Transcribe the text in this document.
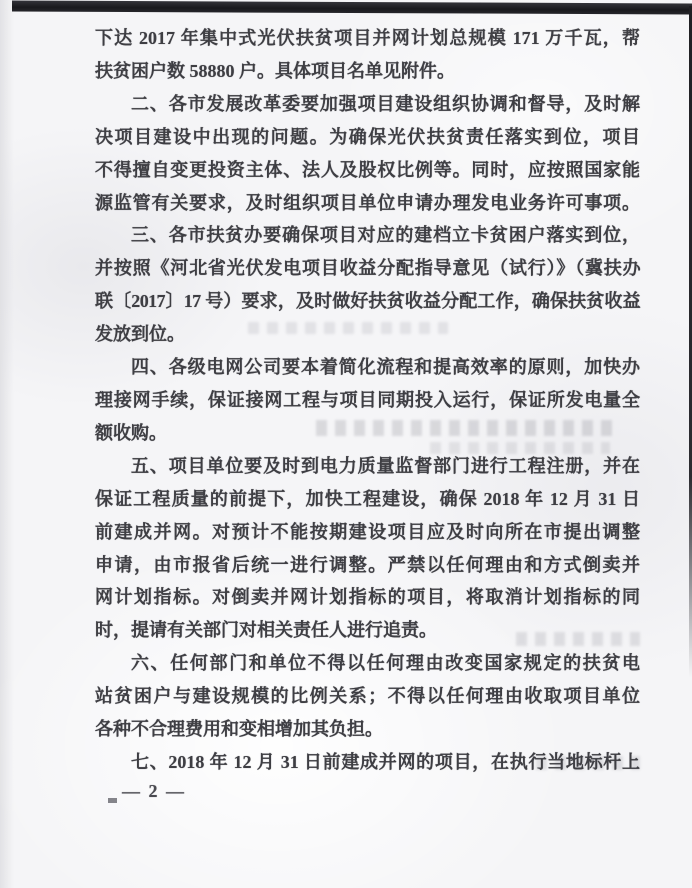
下达 2017 年集中式光伏扶贫项目并网计划总规模 171 万千瓦，帮
扶贫困户数 58880 户。具体项目名单见附件。
二、各市发展改革委要加强项目建设组织协调和督导，及时解
决项目建设中出现的问题。为确保光伏扶贫责任落实到位，项目
不得擅自变更投资主体、法人及股权比例等。同时，应按照国家能
源监管有关要求，及时组织项目单位申请办理发电业务许可事项。
三、各市扶贫办要确保项目对应的建档立卡贫困户落实到位，
并按照《河北省光伏发电项目收益分配指导意见（试行）》（冀扶办
联〔2017〕17 号）要求，及时做好扶贫收益分配工作，确保扶贫收益
发放到位。
四、各级电网公司要本着简化流程和提高效率的原则，加快办
理接网手续，保证接网工程与项目同期投入运行，保证所发电量全
额收购。
五、项目单位要及时到电力质量监督部门进行工程注册，并在
保证工程质量的前提下，加快工程建设，确保 2018 年 12 月 31 日
前建成并网。对预计不能按期建设项目应及时向所在市提出调整
申请，由市报省后统一进行调整。严禁以任何理由和方式倒卖并
网计划指标。对倒卖并网计划指标的项目，将取消计划指标的同
时，提请有关部门对相关责任人进行追责。
六、任何部门和单位不得以任何理由改变国家规定的扶贫电
站贫困户与建设规模的比例关系；不得以任何理由收取项目单位
各种不合理费用和变相增加其负担。
七、2018 年 12 月 31 日前建成并网的项目，在执行当地标杆上
— 2 —
